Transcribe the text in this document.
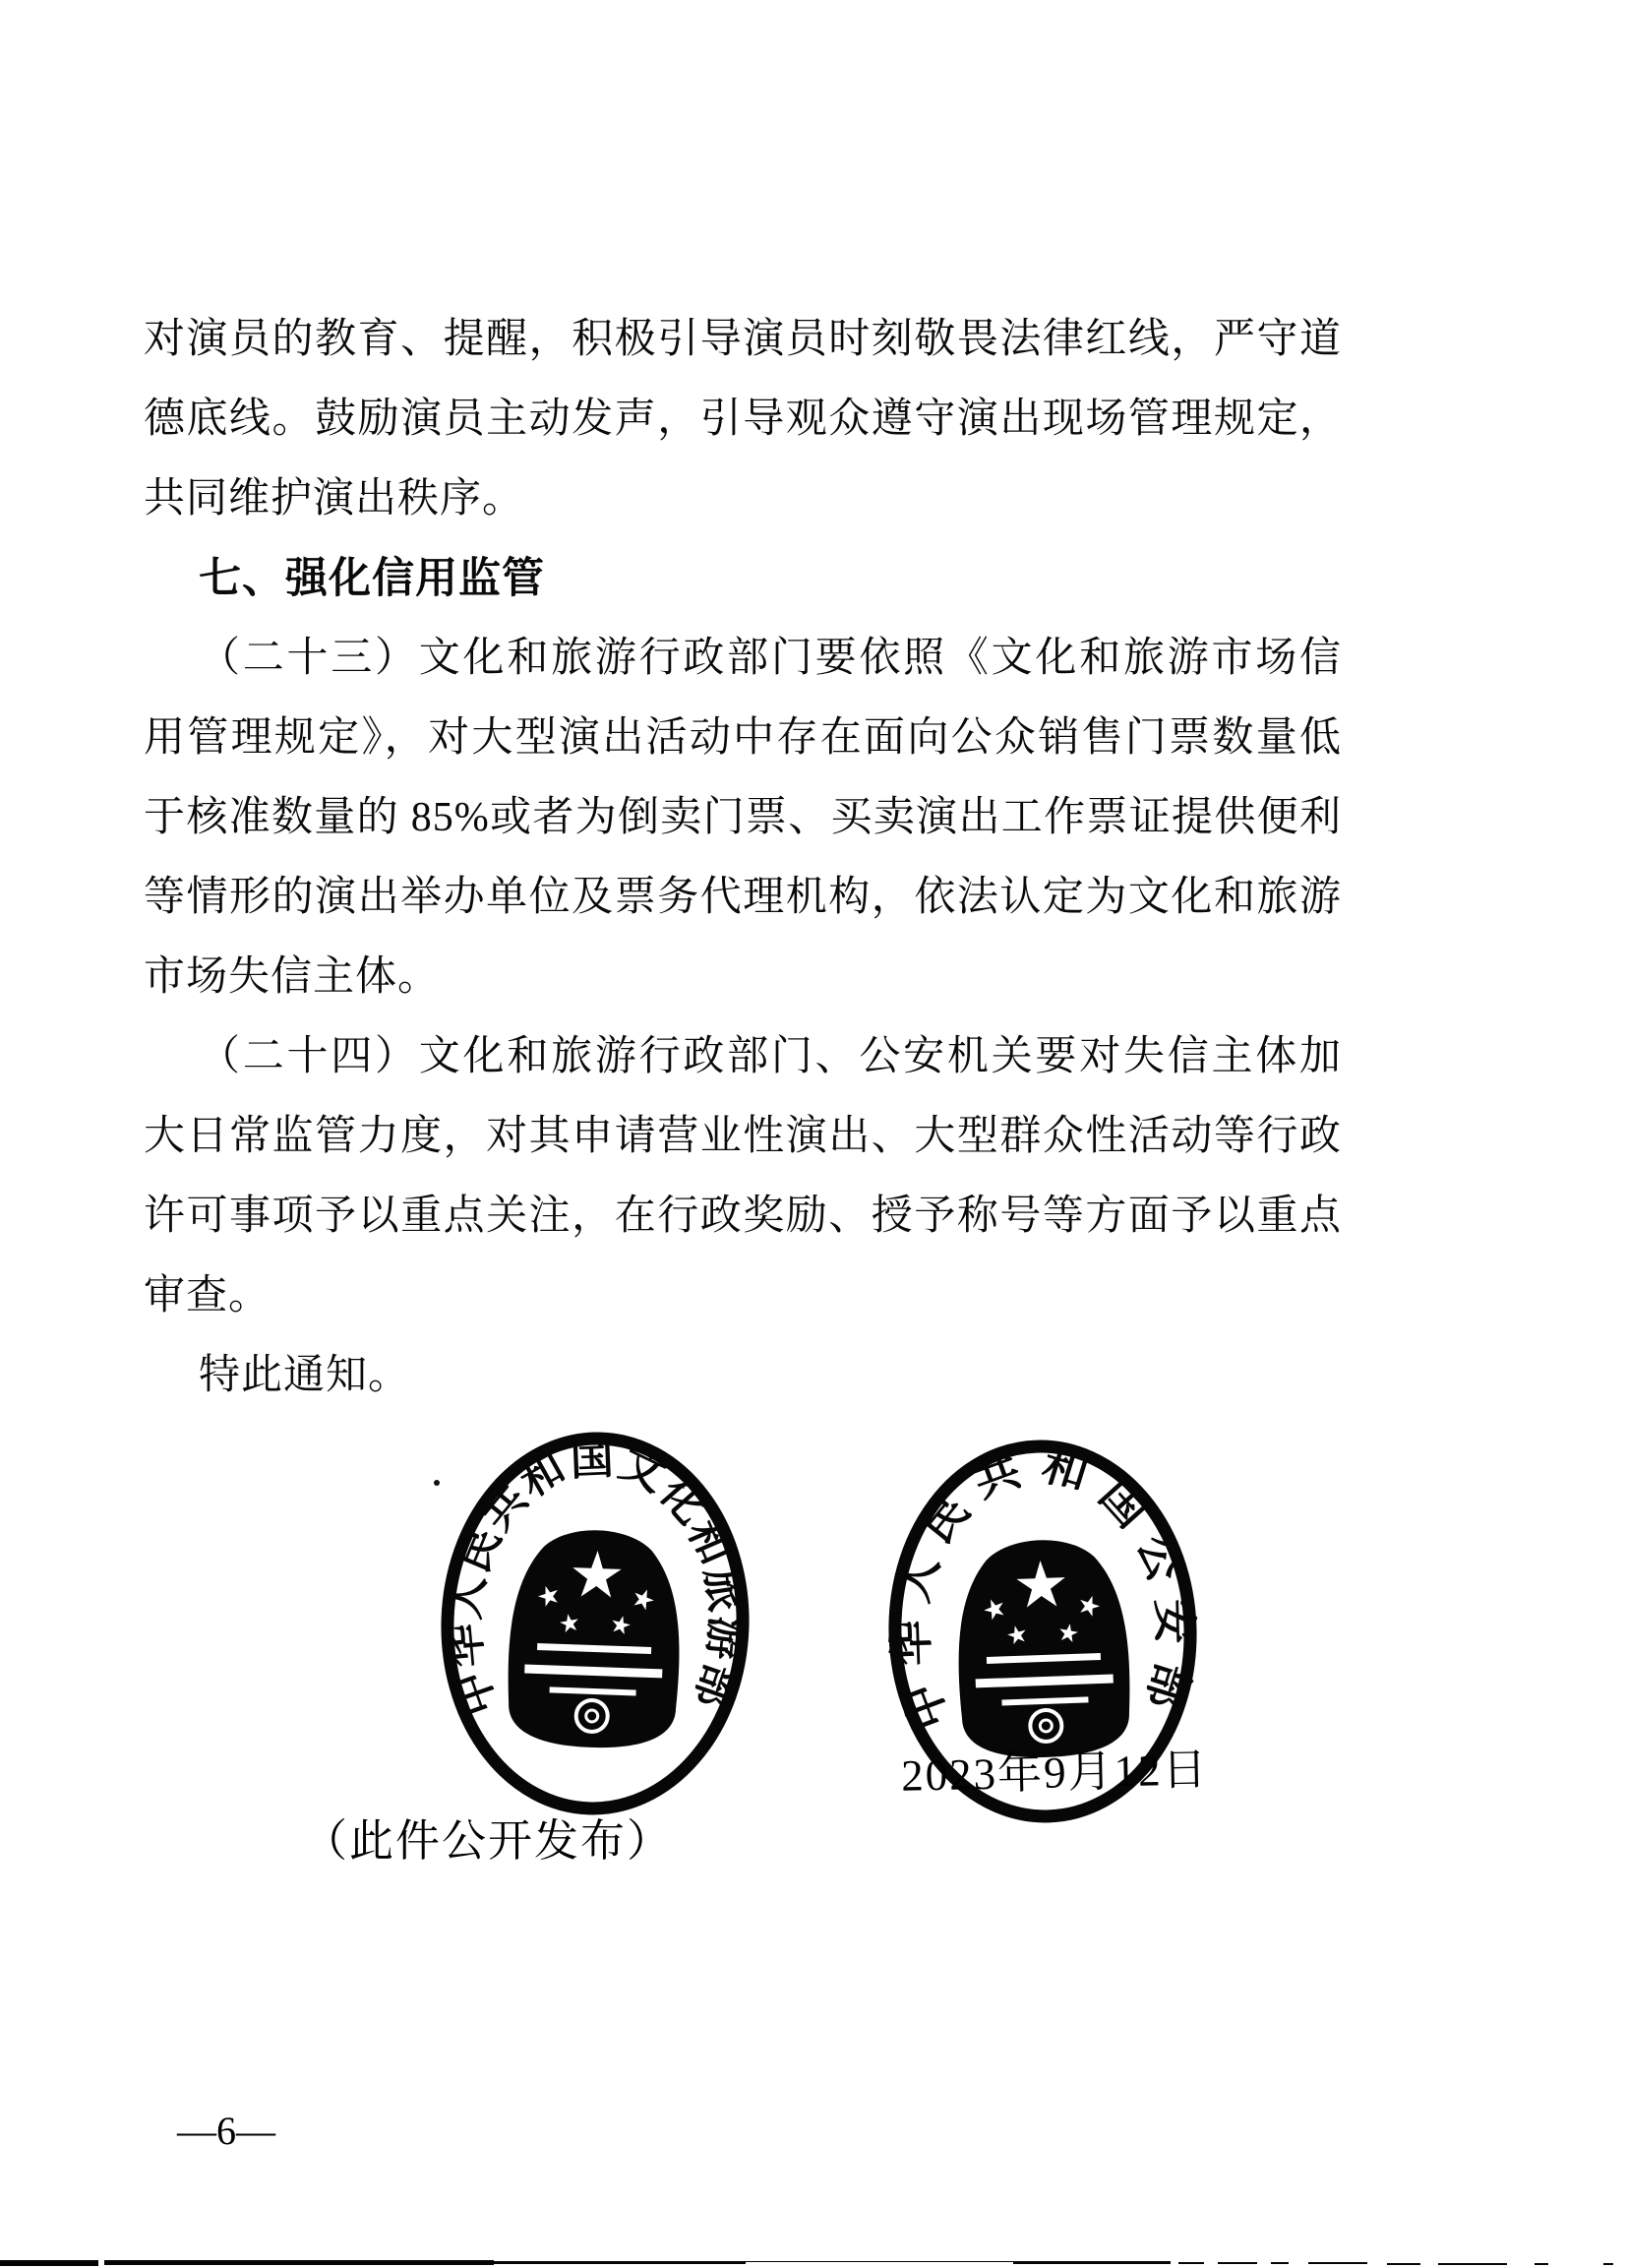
对演员的教育、提醒，积极引导演员时刻敬畏法律红线，严守道
德底线。鼓励演员主动发声，引导观众遵守演出现场管理规定，
共同维护演出秩序。
七、强化信用监管
（二十三）文化和旅游行政部门要依照《文化和旅游市场信
用管理规定》，对大型演出活动中存在面向公众销售门票数量低
于核准数量的 85%或者为倒卖门票、买卖演出工作票证提供便利
等情形的演出举办单位及票务代理机构，依法认定为文化和旅游
市场失信主体。
（二十四）文化和旅游行政部门、公安机关要对失信主体加
大日常监管力度，对其申请营业性演出、大型群众性活动等行政
许可事项予以重点关注，在行政奖励、授予称号等方面予以重点
审查。
特此通知。
中华人民共和国文化和旅游部	中华人民共和国公安部
2023年9月12日
（此件公开发布）
—6—
